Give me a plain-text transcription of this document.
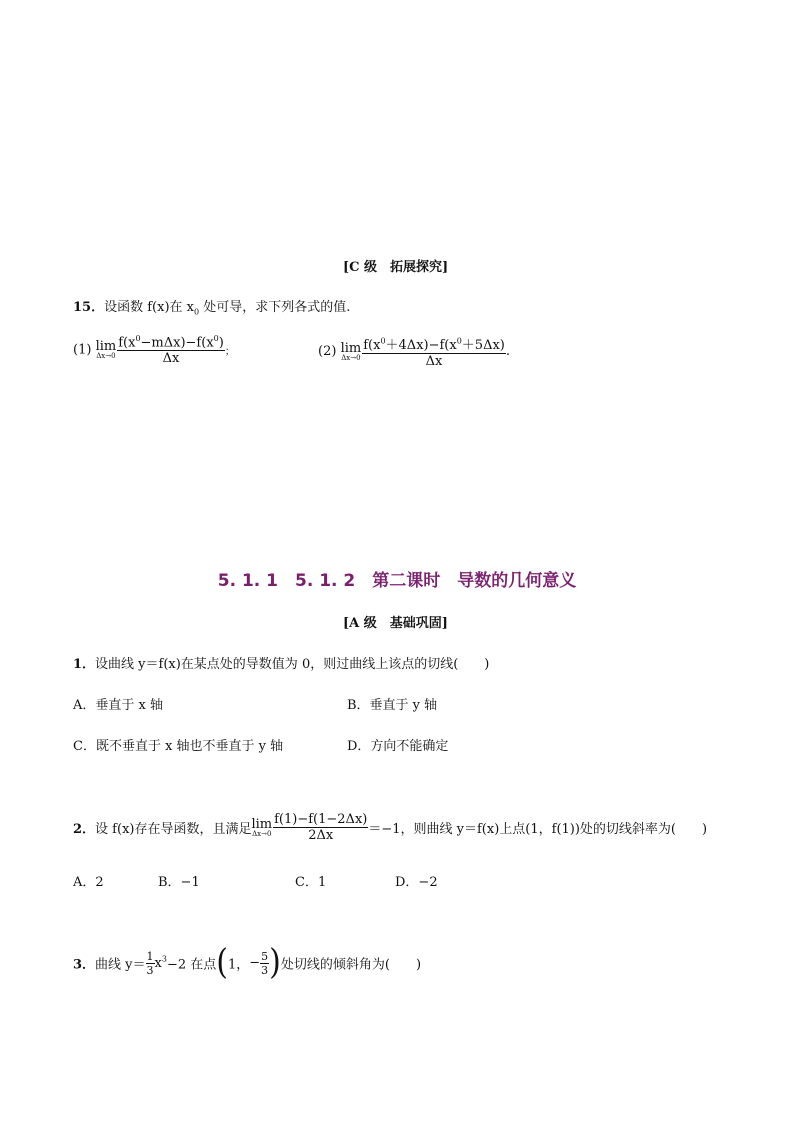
[C 级　拓展探究]
15．设函数 f(x)在 $x_0$ 处可导，求下列各式的值.
(1) lim
$\Delta x\to 0 \frac{f(x^0-m\Delta x)-f(x^0)}{\Delta x}$ ；	(2) lim
$\Delta x\to 0 \frac{f(x^0+4\Delta x)-f(x^0+5\Delta x)}{\Delta x}$ .
5. 1. 1　5. 1. 2　第二课时　导数的几何意义
[A 级　基础巩固]
1．设曲线 y＝f(x)在某点处的导数值为 0，则过曲线上该点的切线(　　)
A．垂直于 x 轴	B．垂直于 y 轴
C．既不垂直于 x 轴也不垂直于 y 轴	D．方向不能确定
2．设 f(x)存在导函数，且满足 lim
$\Delta x\to 0 \frac{f(1)-f(1-2\Delta x)}{2\Delta x} =-1$，则曲线 y＝f(x)上点(1，f(1))处的切线斜率为(　　)
A．2	B．−1	C．1	D．−2
3．曲线 $y= \frac{1}{3} x^3-2$ 在点(1，− $\frac{5}{3}$ )处切线的倾斜角为(　　)
